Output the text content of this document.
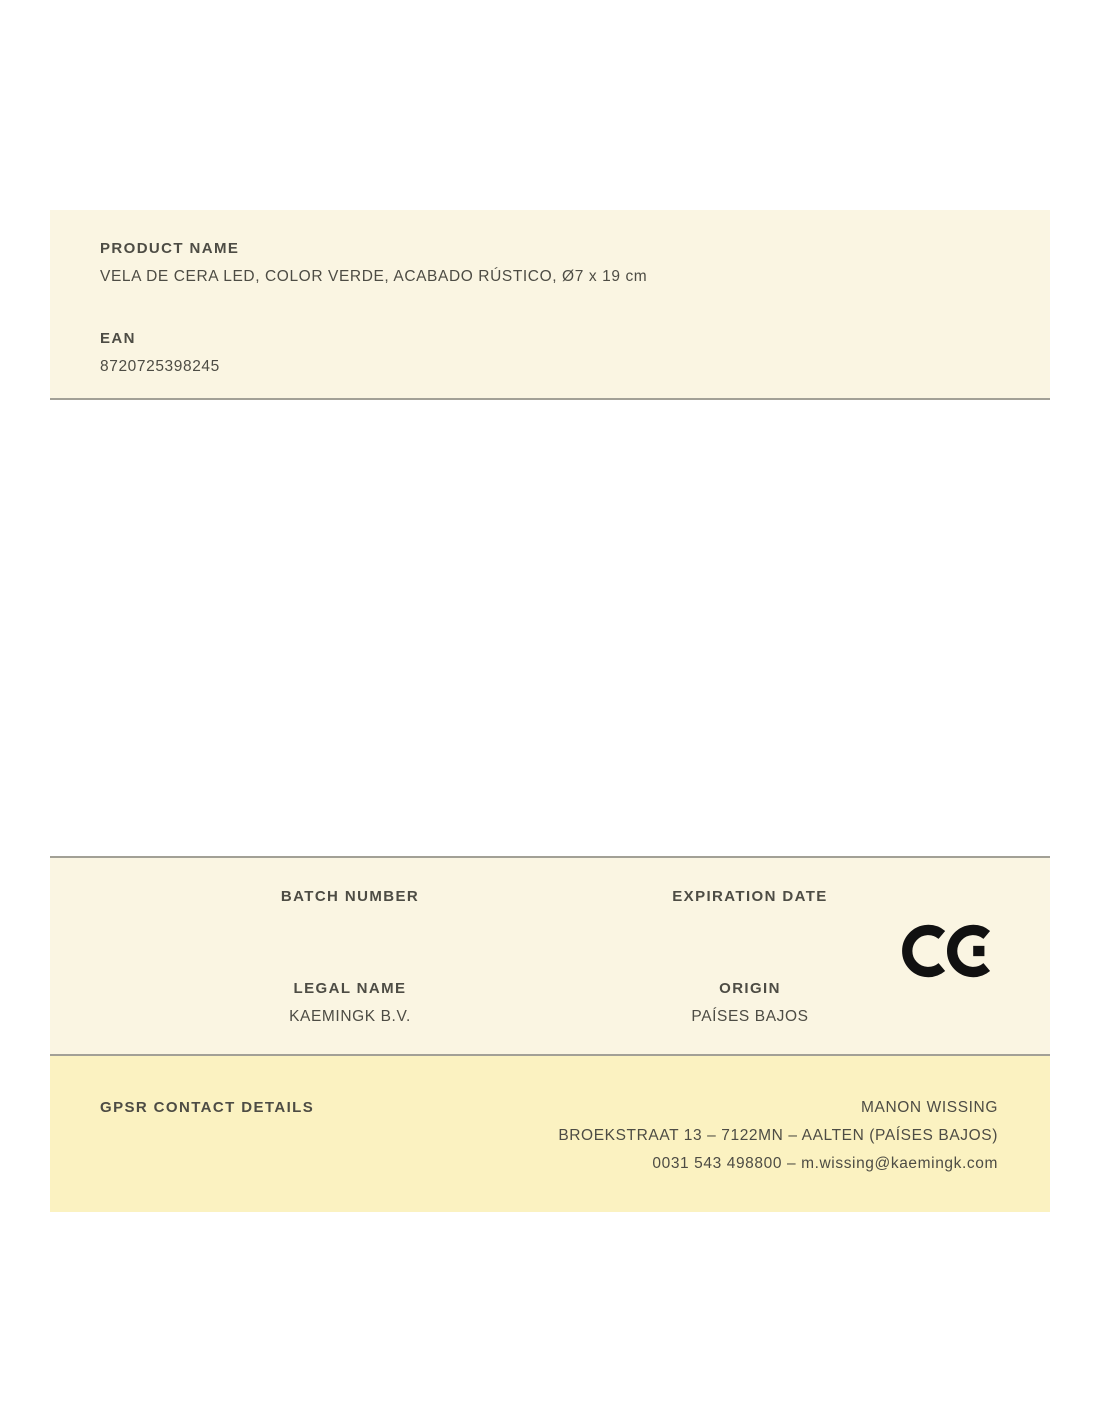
PRODUCT NAME
VELA DE CERA LED, COLOR VERDE, ACABADO RÚSTICO, Ø7 x 19 cm
EAN
8720725398245
BATCH NUMBER	EXPIRATION DATE
LEGAL NAME
KAEMINGK B.V.
ORIGIN
PAÍSES BAJOS
GPSR CONTACT DETAILS	MANON WISSING
BROEKSTRAAT 13 – 7122MN – AALTEN (PAÍSES BAJOS)
0031 543 498800 – m.wissing@kaemingk.com
